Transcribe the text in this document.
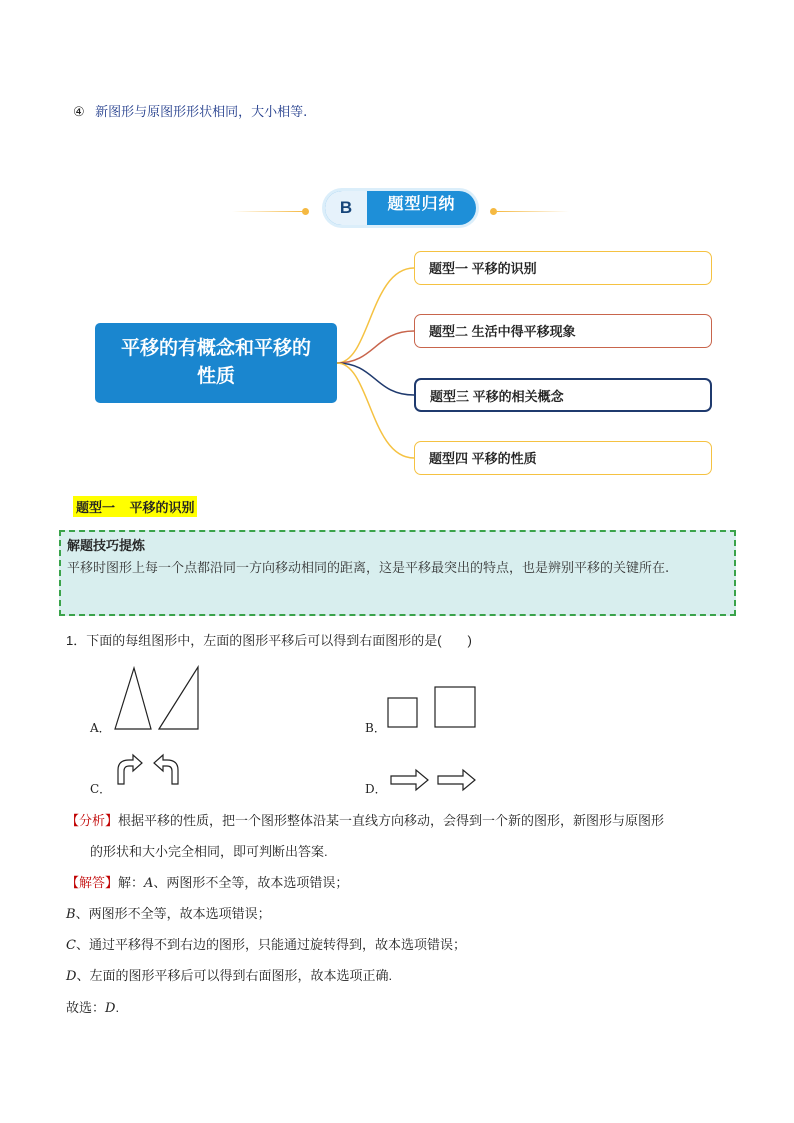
④ 新图形与原图形形状相同，大小相等.
B	题型归纳
平移的有概念和平移的性质
题型一 平移的识别
题型二 生活中得平移现象
题型三 平移的相关概念
题型四 平移的性质
题型一    平移的识别
解题技巧提炼
平移时图形上每一个点都沿同一方向移动相同的距离，这是平移最突出的特点，也是辨别平移的关键所在.
1．下面的每组图形中，左面的图形平移后可以得到右面图形的是(　　)
A．	B．
C．	D．
【分析】根据平移的性质，把一个图形整体沿某一直线方向移动，会得到一个新的图形，新图形与原图形
的形状和大小完全相同，即可判断出答案.
【解答】解：A、两图形不全等，故本选项错误；
B、两图形不全等，故本选项错误；
C、通过平移得不到右边的图形，只能通过旋转得到，故本选项错误；
D、左面的图形平移后可以得到右面图形，故本选项正确.
故选：D.
